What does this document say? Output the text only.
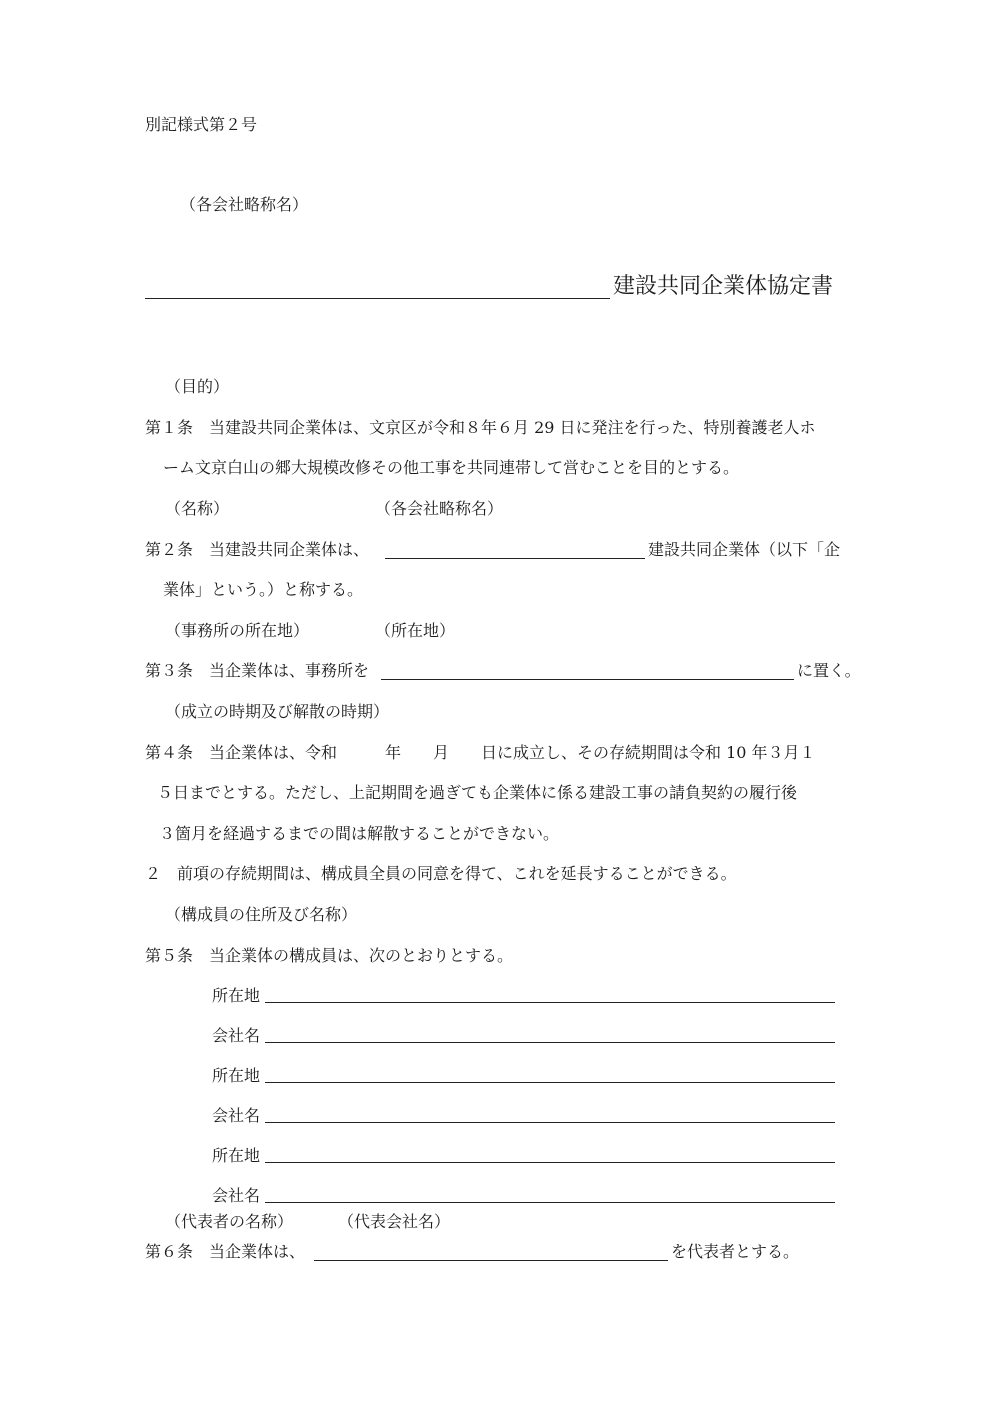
別記様式第２号
（各会社略称名）
建設共同企業体協定書
（目的）
第１条　当建設共同企業体は、文京区が令和８年６月 29 日に発注を行った、特別養護老人ホ
ーム文京白山の郷大規模改修その他工事を共同連帯して営むことを目的とする。
（名称）	（各会社略称名）
第２条　当建設共同企業体は、	建設共同企業体（以下「企
業体」という。）と称する。
（事務所の所在地）	（所在地）
第３条　当企業体は、事務所を	に置く。
（成立の時期及び解散の時期）
第４条　当企業体は、令和　　　年　　月　　日に成立し、その存続期間は令和 10 年３月１
５日までとする。ただし、上記期間を過ぎても企業体に係る建設工事の請負契約の履行後
３箇月を経過するまでの間は解散することができない。
２　前項の存続期間は、構成員全員の同意を得て、これを延長することができる。
（構成員の住所及び名称）
第５条　当企業体の構成員は、次のとおりとする。
所在地
会社名
所在地
会社名
所在地
会社名
（代表者の名称）	（代表会社名）
第６条　当企業体は、	を代表者とする。
